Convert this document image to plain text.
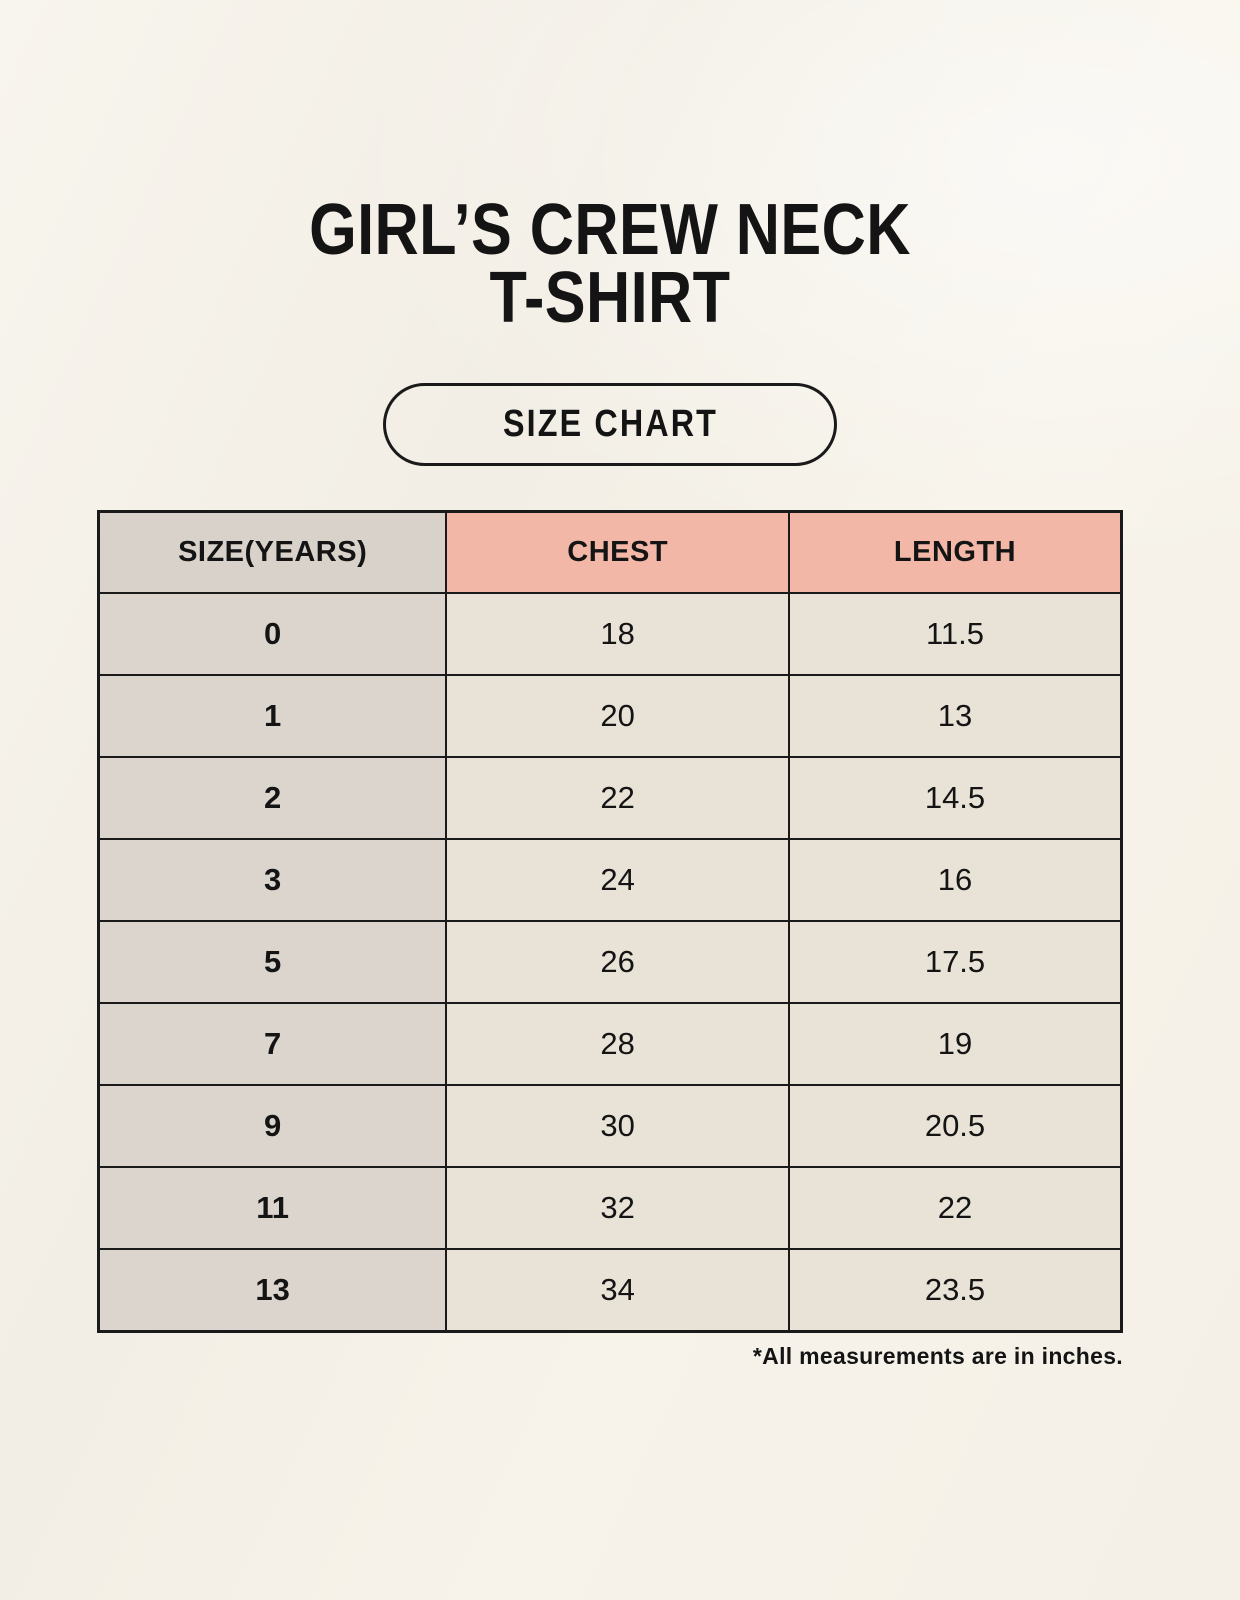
GIRL’S CREW NECK
T-SHIRT
SIZE CHART
SIZE(YEARS)	CHEST	LENGTH
0	18	11.5
1	20	13
2	22	14.5
3	24	16
5	26	17.5
7	28	19
9	30	20.5
11	32	22
13	34	23.5
*All measurements are in inches.
